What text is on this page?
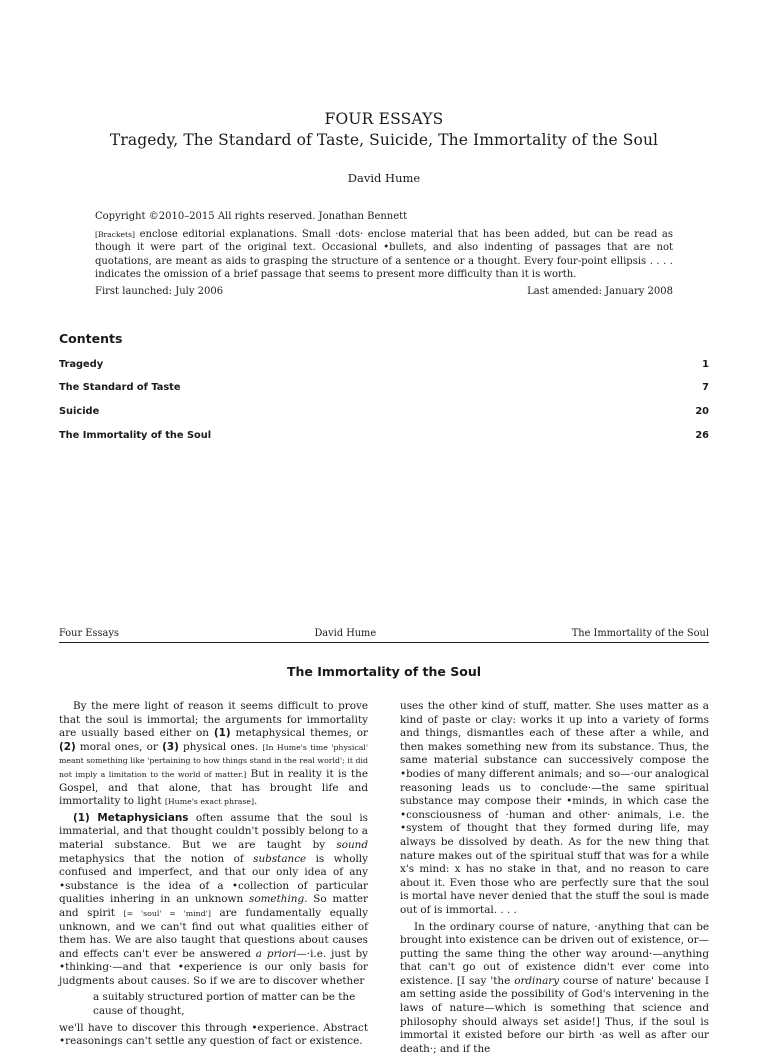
FOUR ESSAYS
Tragedy, The Standard of Taste, Suicide, The Immortality of the Soul
David Hume
Copyright ©2010–2015 All rights reserved. Jonathan Bennett
[Brackets] enclose editorial explanations. Small ·dots· enclose material that has been added, but can be read as though it were part of the original text. Occasional •bullets, and also indenting of passages that are not quotations, are meant as aids to grasping the structure of a sentence or a thought. Every four-point ellipsis . . . . indicates the omission of a brief passage that seems to present more difficulty than it is worth.
First launched: July 2006	Last amended: January 2008
Contents
Tragedy	1
The Standard of Taste	7
Suicide	20
The Immortality of the Soul	26
Four Essays	David Hume	The Immortality of the Soul
The Immortality of the Soul

By the mere light of reason it seems difficult to prove that the soul is immortal; the arguments for immortality are usually based either on (1) metaphysical themes, or (2) moral ones, or (3) physical ones. [In Hume's time 'physical' meant something like 'pertaining to how things stand in the real world'; it did not imply a limitation to the world of matter.] But in reality it is the Gospel, and that alone, that has brought life and immortality to light [Hume's exact phrase].

(1) Metaphysicians often assume that the soul is immaterial, and that thought couldn't possibly belong to a material substance. But we are taught by sound metaphysics that the notion of substance is wholly confused and imperfect, and that our only idea of any •substance is the idea of a •collection of particular qualities inhering in an unknown something. So matter and spirit [= 'soul' = 'mind'] are fundamentally equally unknown, and we can't find out what qualities either of them has. We are also taught that questions about causes and effects can't ever be answered a priori—·i.e. just by •thinking·—and that •experience is our only basis for judgments about causes. So if we are to discover whether

a suitably structured portion of matter can be the cause of thought,

we'll have to discover this through •experience. Abstract •reasonings can't settle any question of fact or existence.

uses the other kind of stuff, matter. She uses matter as a kind of paste or clay: works it up into a variety of forms and things, dismantles each of these after a while, and then makes something new from its substance. Thus, the same material substance can successively compose the •bodies of many different animals; and so—·our analogical reasoning leads us to conclude·—the same spiritual substance may compose their •minds, in which case the •consciousness of ·human and other· animals, i.e. the •system of thought that they formed during life, may always be dissolved by death. As for the new thing that nature makes out of the spiritual stuff that was for a while x's mind: x has no stake in that, and no reason to care about it. Even those who are perfectly sure that the soul is mortal have never denied that the stuff the soul is made out of is immortal. . . .

In the ordinary course of nature, ·anything that can be brought into existence can be driven out of existence, or—putting the same thing the other way around·—anything that can't go out of existence didn't ever come into existence. [I say 'the ordinary course of nature' because I am setting aside the possibility of God's intervening in the laws of nature—which is something that science and philosophy should always set aside!] Thus, if the soul is immortal it existed before our birth ·as well as after our death·; and if the
